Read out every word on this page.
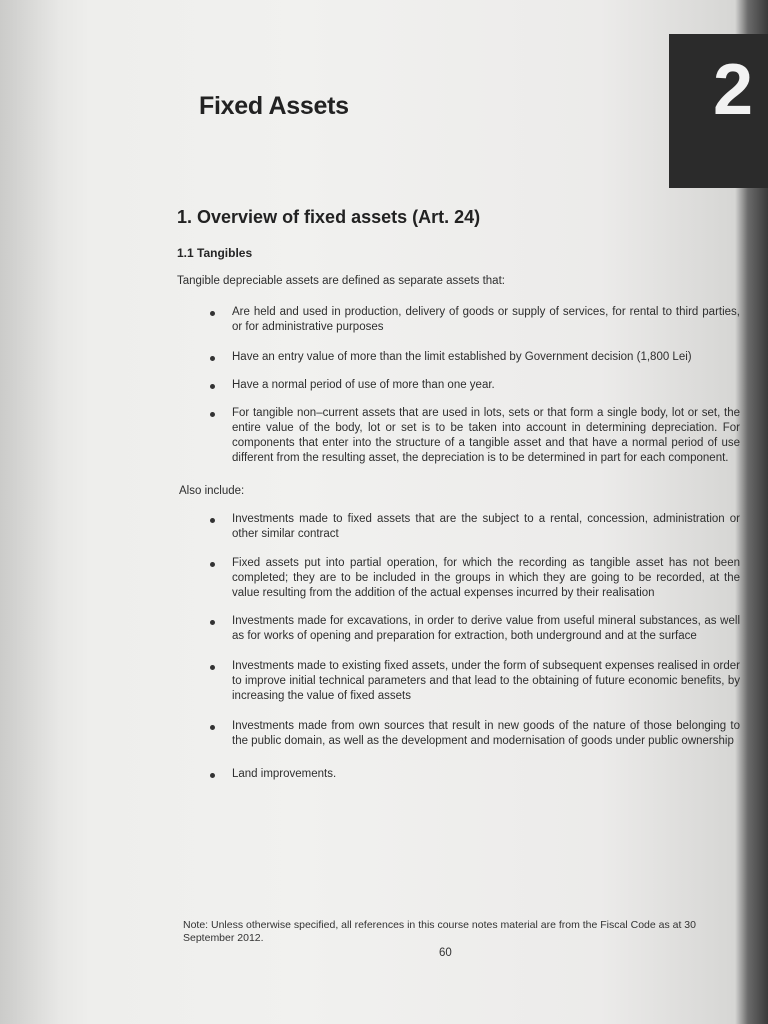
2
Fixed Assets
1. Overview of fixed assets (Art. 24)
1.1 Tangibles
Tangible depreciable assets are defined as separate assets that:
Are held and used in production, delivery of goods or supply of services, for rental to third parties, or for administrative purposes
Have an entry value of more than the limit established by Government decision (1,800 Lei)
Have a normal period of use of more than one year.
For tangible non–current assets that are used in lots, sets or that form a single body, lot or set, the entire value of the body, lot or set is to be taken into account in determining depreciation. For components that enter into the structure of a tangible asset and that have a normal period of use different from the resulting asset, the depreciation is to be determined in part for each component.
Also include:
Investments made to fixed assets that are the subject to a rental, concession, administration or other similar contract
Fixed assets put into partial operation, for which the recording as tangible asset has not been completed; they are to be included in the groups in which they are going to be recorded, at the value resulting from the addition of the actual expenses incurred by their realisation
Investments made for excavations, in order to derive value from useful mineral substances, as well as for works of opening and preparation for extraction, both underground and at the surface
Investments made to existing fixed assets, under the form of subsequent expenses realised in order to improve initial technical parameters and that lead to the obtaining of future economic benefits, by increasing the value of fixed assets
Investments made from own sources that result in new goods of the nature of those belonging to the public domain, as well as the development and modernisation of goods under public ownership
Land improvements.
Note: Unless otherwise specified, all references in this course notes material are from the Fiscal Code as at 30 September 2012.
60
